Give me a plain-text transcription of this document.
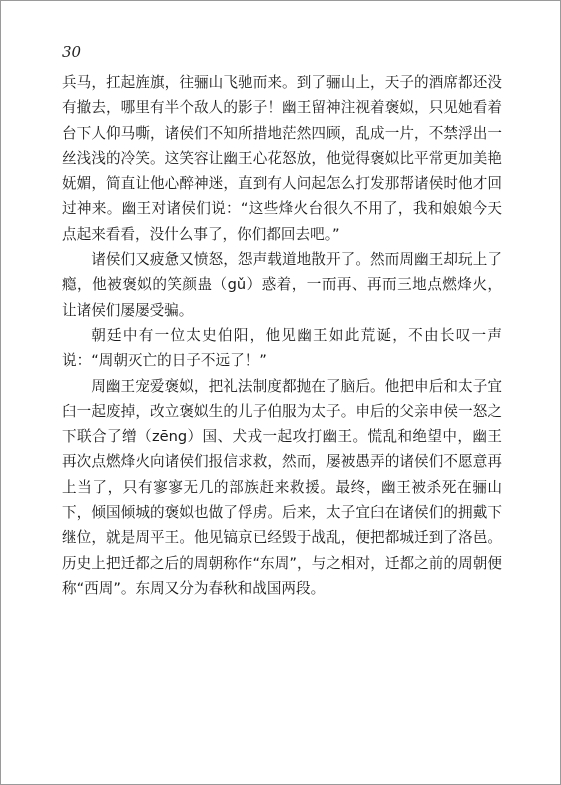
30

兵马，扛起旌旗，往骊山飞驰而来。到了骊山上，天子的酒席都还没有撤去，哪里有半个敌人的影子！幽王留神注视着褒姒，只见她看着台下人仰马嘶，诸侯们不知所措地茫然四顾，乱成一片，不禁浮出一丝浅浅的冷笑。这笑容让幽王心花怒放，他觉得褒姒比平常更加美艳妩媚，简直让他心醉神迷，直到有人问起怎么打发那帮诸侯时他才回过神来。幽王对诸侯们说：“这些烽火台很久不用了，我和娘娘今天点起来看看，没什么事了，你们都回去吧。”

诸侯们又疲惫又愤怒，怨声载道地散开了。然而周幽王却玩上了瘾，他被褒姒的笑颜蛊（gǔ）惑着，一而再、再而三地点燃烽火，让诸侯们屡屡受骗。

朝廷中有一位太史伯阳，他见幽王如此荒诞，不由长叹一声说：“周朝灭亡的日子不远了！”

周幽王宠爱褒姒，把礼法制度都抛在了脑后。他把申后和太子宜臼一起废掉，改立褒姒生的儿子伯服为太子。申后的父亲申侯一怒之下联合了缯（zēng）国、犬戎一起攻打幽王。慌乱和绝望中，幽王再次点燃烽火向诸侯们报信求救，然而，屡被愚弄的诸侯们不愿意再上当了，只有寥寥无几的部族赶来救援。最终，幽王被杀死在骊山下，倾国倾城的褒姒也做了俘虏。后来，太子宜臼在诸侯们的拥戴下继位，就是周平王。他见镐京已经毁于战乱，便把都城迁到了洛邑。历史上把迁都之后的周朝称作“东周”，与之相对，迁都之前的周朝便称“西周”。东周又分为春秋和战国两段。
